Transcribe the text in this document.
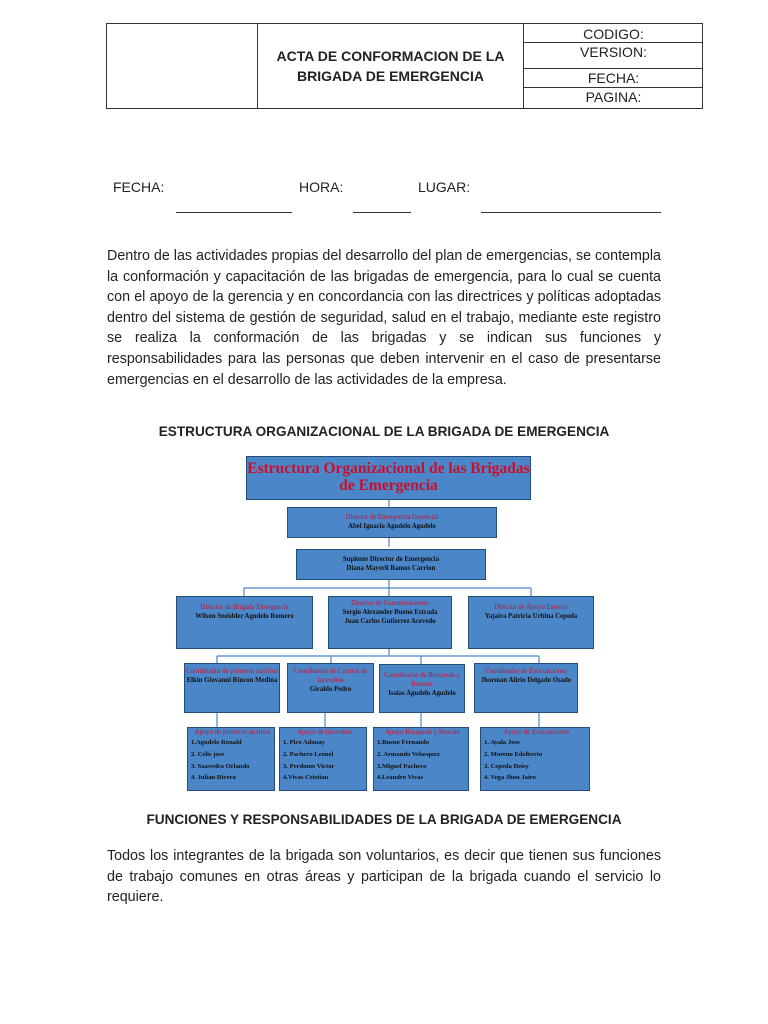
ACTA DE CONFORMACION DE LA BRIGADA DE EMERGENCIA
CODIGO:
VERSION:
FECHA:
PAGINA:
FECHA:	HORA:	LUGAR:
Dentro de las actividades propias del desarrollo del plan de emergencias, se contempla la conformación y capacitación de las brigadas de emergencia, para lo cual se cuenta con el apoyo de la gerencia y en concordancia con las directrices y políticas adoptadas dentro del sistema de gestión de seguridad, salud en el trabajo, mediante este registro se realiza la conformación de las brigadas y se indican sus funciones y responsabilidades para las personas que deben intervenir en el caso de presentarse emergencias en el desarrollo de las actividades de la empresa.
ESTRUCTURA ORGANIZACIONAL DE LA BRIGADA DE EMERGENCIA
Estructura Organizacional de las Brigadas de Emergencia
Director de Emergencia Gerencial
Abel Ignacio Agudelo Agudelo
Suplente Director de Emergencia
Diana Mayerli Ramos Carrion
Director de Brigada Emergencia
Wilson Sneidder Agudelo Romero
Director de Comunicaciones
Sergio Alexander Bueno Estrada
Juan Carlos Gutierrez Acevedo
Director de Apoyo Externo
Yajaira Patricia Urbina Cepeda
Coordinador de primeros auxilios
Elkin Giovanni Rincon Medina
Coordinador de Control de incendios
Giraldo Pedro
Coordinador de Busqueda y Rescate
Isaias Agudelo Agudelo
Coordinador de Evacuaciones
Jhorman Alirio Delgado Osado
Apoyo de primeros auxilios
1.Agudelo Ronald
2. Celis jose
3. Saavedra Orlando
4. Julian Rivera
Apoyo de Incendios
1. Pico Adonay
2. Pacheco Leonel
3. Perdomo Victor
4.Vivas Cristian
Apoyo Busqueda y Rescate
1.Bueno Fernando
2. Armando Velasquez
3.Miguel Pacheco
4.Leandro Vivas
Apoyo de Evacuaciones
1. Ayala Jose
2. Moreno Edelberto
3. Cepeda Deisy
4. Vega Jhon Jairo
FUNCIONES Y RESPONSABILIDADES DE LA BRIGADA DE EMERGENCIA
Todos los integrantes de la brigada son voluntarios, es decir que tienen sus funciones de trabajo comunes en otras áreas y participan de la brigada cuando el servicio lo requiere.
